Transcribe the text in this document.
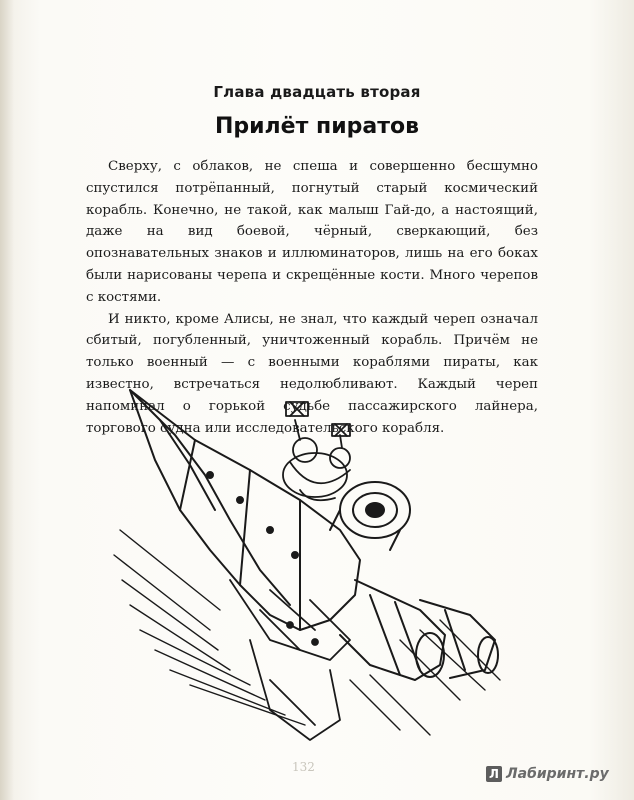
Глава двадцать вторая
Прилёт пиратов

Сверху, с облаков, не спеша и совершенно бесшумно спустился потрёпанный, погнутый старый космический корабль. Конечно, не такой, как малыш Гай-до, а настоящий, даже на вид боевой, чёрный, сверкающий, без опознавательных знаков и иллюминаторов, лишь на его боках были нарисованы черепа и скрещённые кости. Много черепов с костями.

И никто, кроме Алисы, не знал, что каждый череп означал сбитый, погубленный, уничтоженный корабль. Причём не только военный — с военными кораблями пираты, как известно, встречаться недолюбливают. Каждый череп напоминал о горькой судьбе пассажирского лайнера, торгового судна или исследовательского корабля.

132	Л Лабиринт.ру
